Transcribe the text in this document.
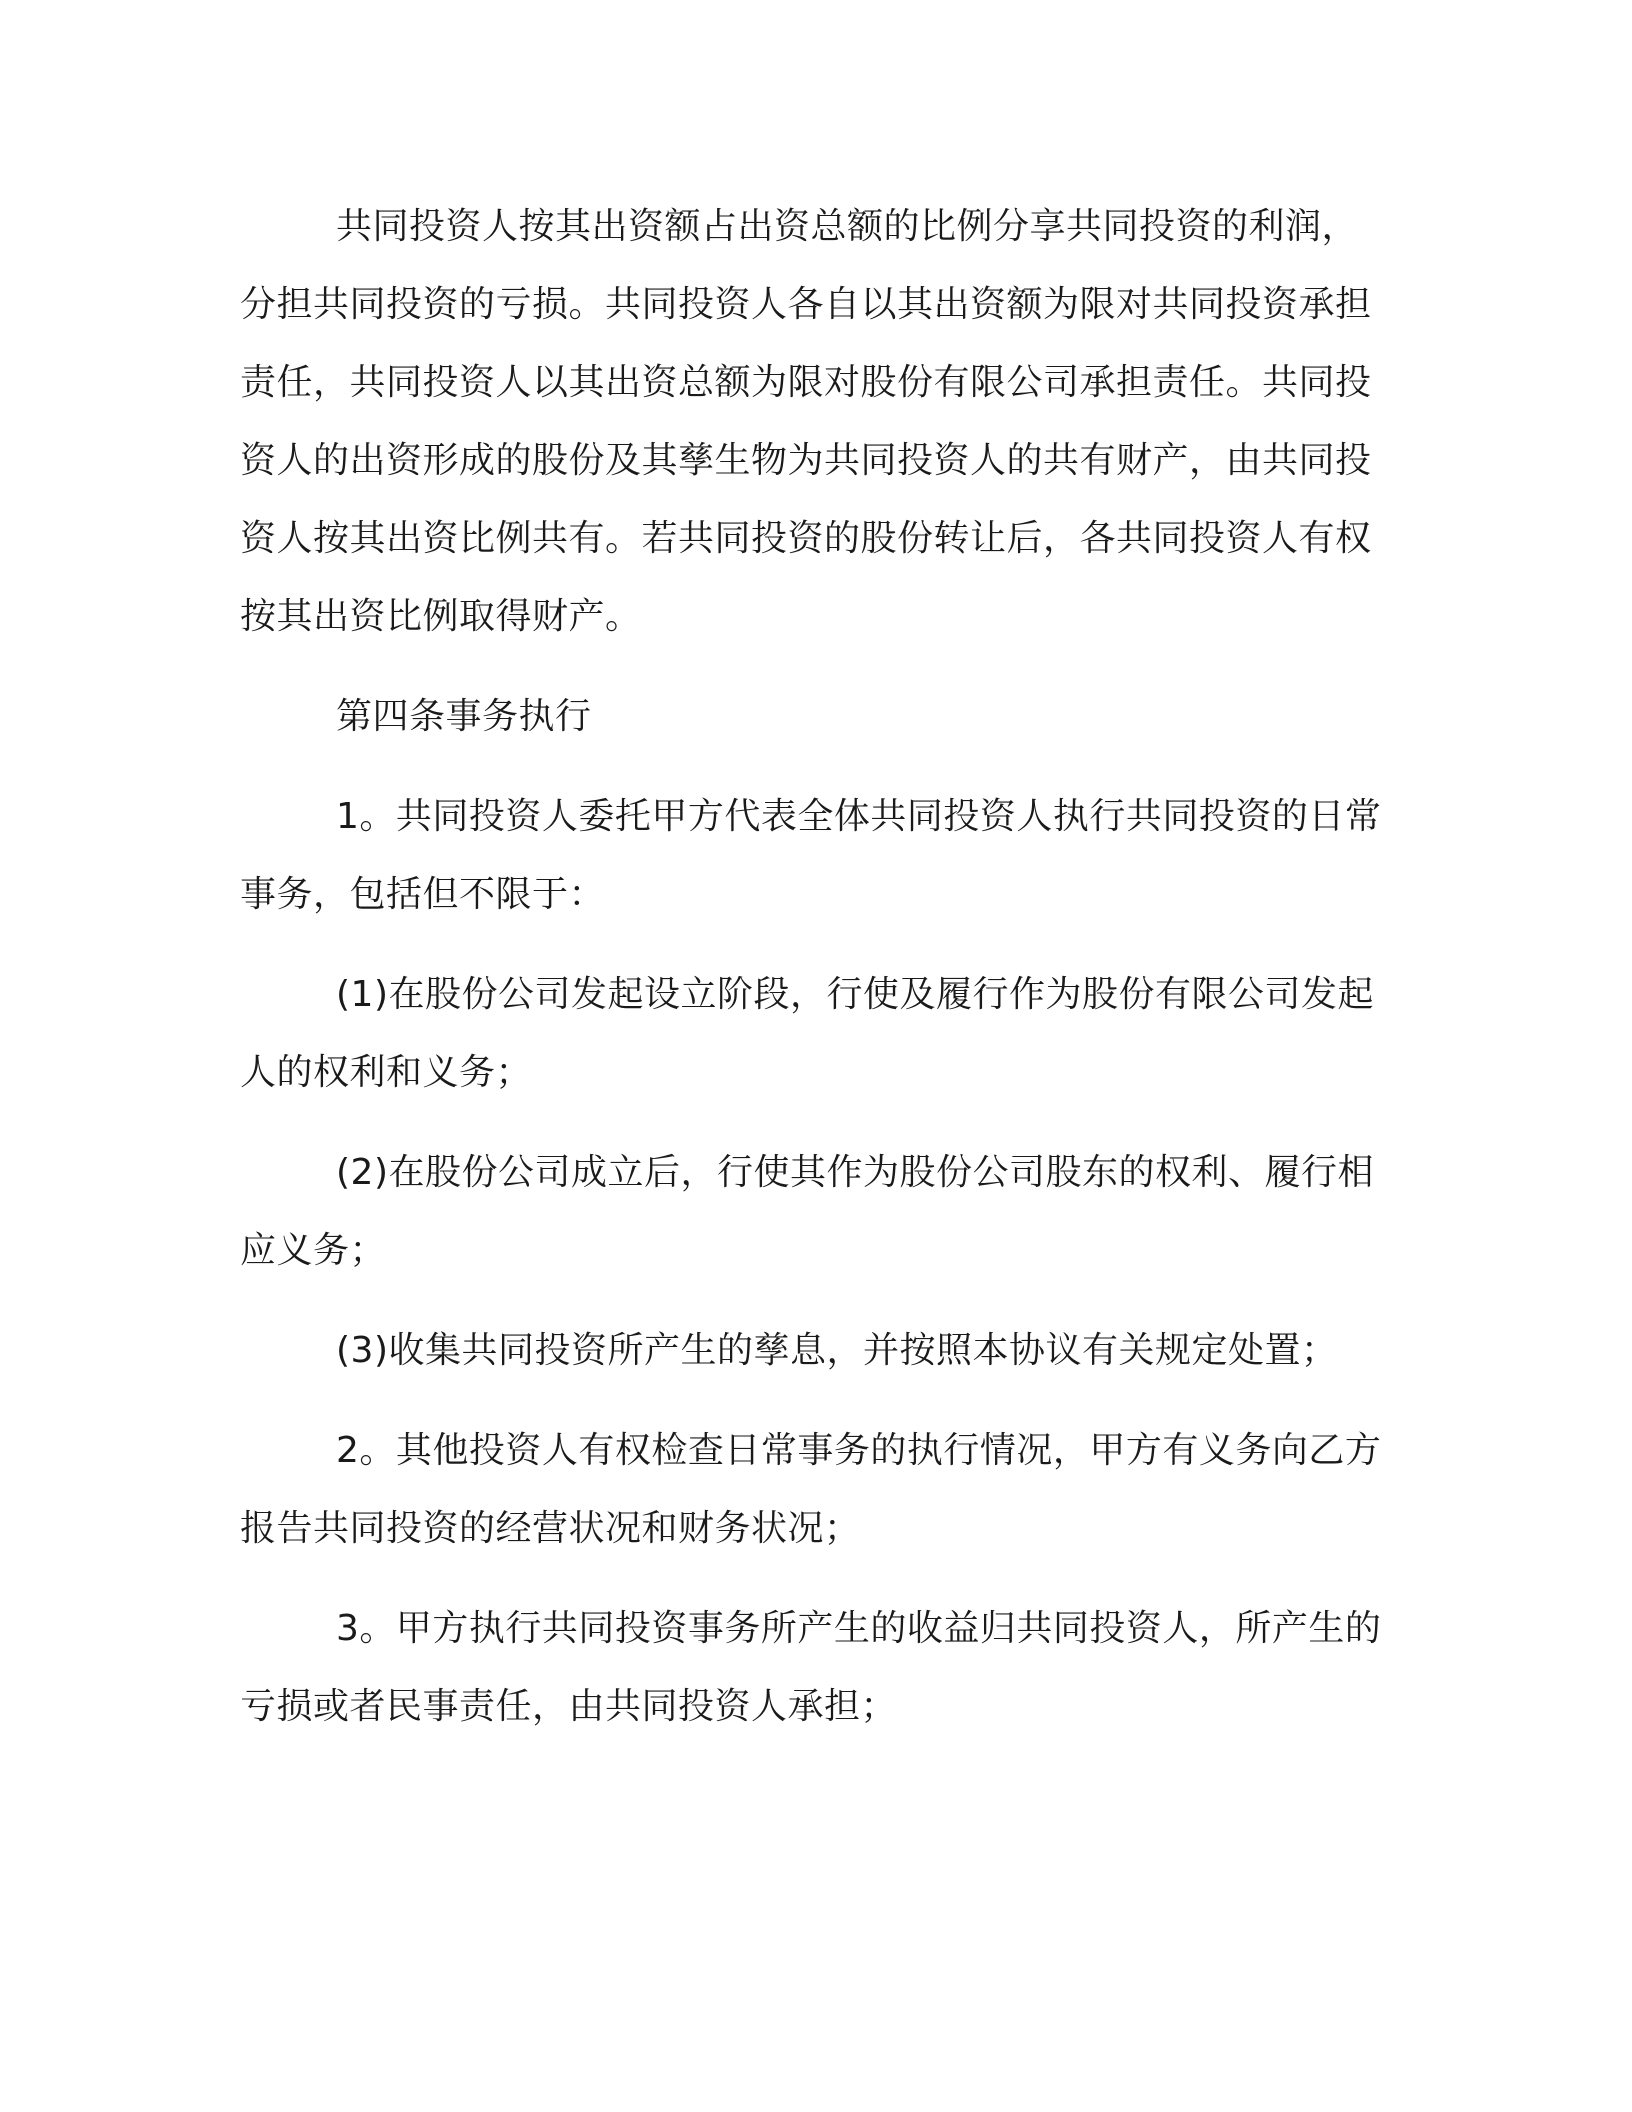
共同投资人按其出资额占出资总额的比例分享共同投资的利润，分担共同投资的亏损。共同投资人各自以其出资额为限对共同投资承担责任，共同投资人以其出资总额为限对股份有限公司承担责任。共同投资人的出资形成的股份及其孳生物为共同投资人的共有财产，由共同投资人按其出资比例共有。若共同投资的股份转让后，各共同投资人有权按其出资比例取得财产。

第四条事务执行

1。共同投资人委托甲方代表全体共同投资人执行共同投资的日常事务，包括但不限于：

(1)在股份公司发起设立阶段，行使及履行作为股份有限公司发起人的权利和义务；

(2)在股份公司成立后，行使其作为股份公司股东的权利、履行相应义务；

(3)收集共同投资所产生的孳息，并按照本协议有关规定处置；

2。其他投资人有权检查日常事务的执行情况，甲方有义务向乙方报告共同投资的经营状况和财务状况；

3。甲方执行共同投资事务所产生的收益归共同投资人，所产生的亏损或者民事责任，由共同投资人承担；
